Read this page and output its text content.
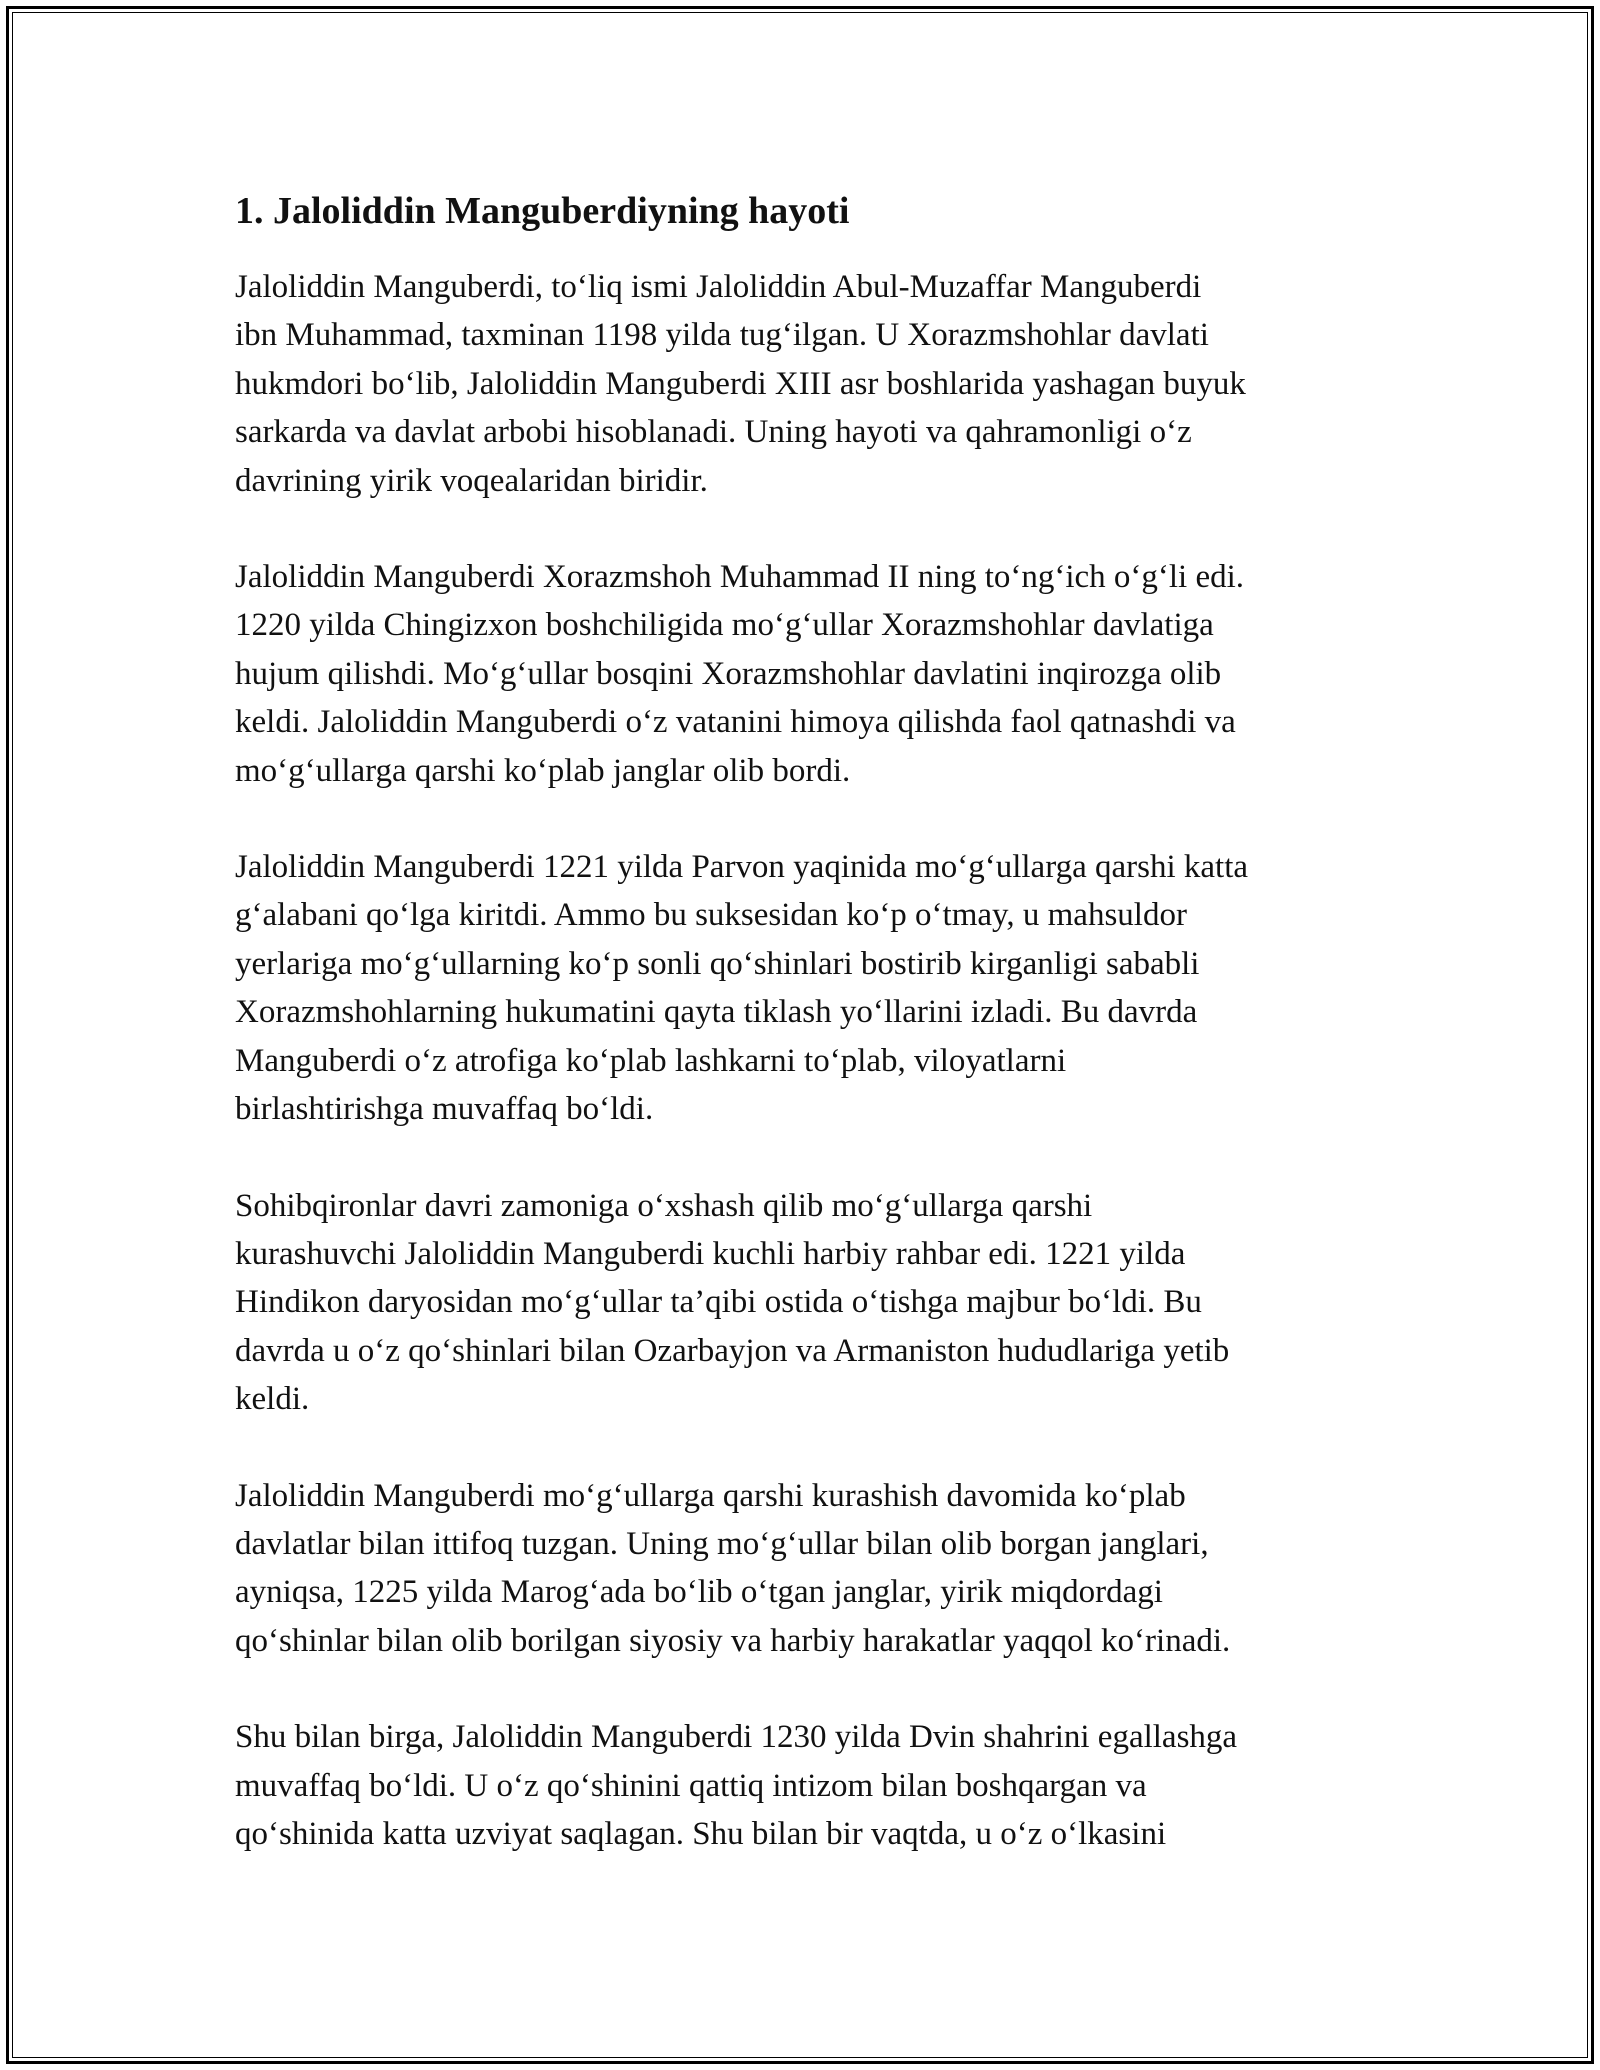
1. Jaloliddin Manguberdiyning hayoti

Jaloliddin Manguberdi, to‘liq ismi Jaloliddin Abul-Muzaffar Manguberdi
ibn Muhammad, taxminan 1198 yilda tug‘ilgan. U Xorazmshohlar davlati
hukmdori bo‘lib, Jaloliddin Manguberdi XIII asr boshlarida yashagan buyuk
sarkarda va davlat arbobi hisoblanadi. Uning hayoti va qahramonligi o‘z
davrining yirik voqealaridan biridir.

Jaloliddin Manguberdi Xorazmshoh Muhammad II ning to‘ng‘ich o‘g‘li edi.
1220 yilda Chingizxon boshchiligida mo‘g‘ullar Xorazmshohlar davlatiga
hujum qilishdi. Mo‘g‘ullar bosqini Xorazmshohlar davlatini inqirozga olib
keldi. Jaloliddin Manguberdi o‘z vatanini himoya qilishda faol qatnashdi va
mo‘g‘ullarga qarshi ko‘plab janglar olib bordi.

Jaloliddin Manguberdi 1221 yilda Parvon yaqinida mo‘g‘ullarga qarshi katta
g‘alabani qo‘lga kiritdi. Ammo bu suksesidan ko‘p o‘tmay, u mahsuldor
yerlariga mo‘g‘ullarning ko‘p sonli qo‘shinlari bostirib kirganligi sababli
Xorazmshohlarning hukumatini qayta tiklash yo‘llarini izladi. Bu davrda
Manguberdi o‘z atrofiga ko‘plab lashkarni to‘plab, viloyatlarni
birlashtirishga muvaffaq bo‘ldi.

Sohibqironlar davri zamoniga o‘xshash qilib mo‘g‘ullarga qarshi
kurashuvchi Jaloliddin Manguberdi kuchli harbiy rahbar edi. 1221 yilda
Hindikon daryosidan mo‘g‘ullar ta’qibi ostida o‘tishga majbur bo‘ldi. Bu
davrda u o‘z qo‘shinlari bilan Ozarbayjon va Armaniston hududlariga yetib
keldi.

Jaloliddin Manguberdi mo‘g‘ullarga qarshi kurashish davomida ko‘plab
davlatlar bilan ittifoq tuzgan. Uning mo‘g‘ullar bilan olib borgan janglari,
ayniqsa, 1225 yilda Marog‘ada bo‘lib o‘tgan janglar, yirik miqdordagi
qo‘shinlar bilan olib borilgan siyosiy va harbiy harakatlar yaqqol ko‘rinadi.

Shu bilan birga, Jaloliddin Manguberdi 1230 yilda Dvin shahrini egallashga
muvaffaq bo‘ldi. U o‘z qo‘shinini qattiq intizom bilan boshqargan va
qo‘shinida katta uzviyat saqlagan. Shu bilan bir vaqtda, u o‘z o‘lkasini
